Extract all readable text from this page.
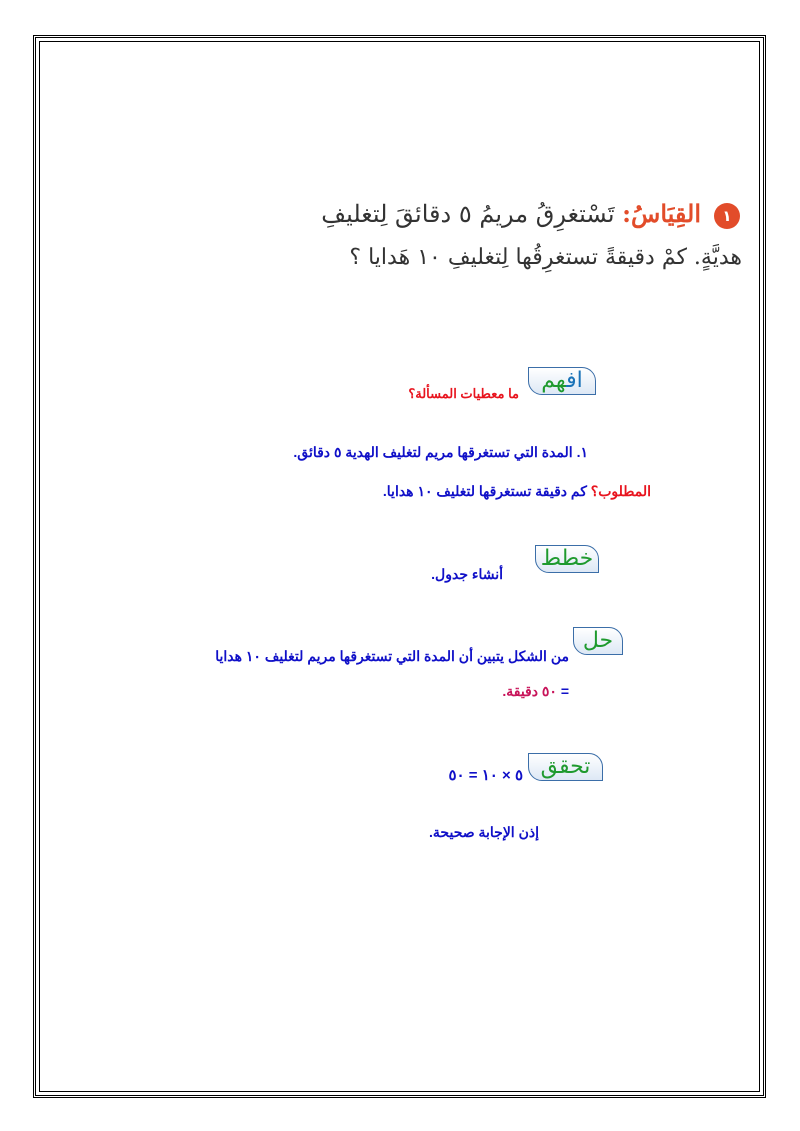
١
القِيَاسُ: تَسْتغرِقُ مريمُ ٥ دقائقَ لِتغليفِ
هديَّةٍ. كمْ دقيقةً تستغرِقُها لِتغليفِ ١٠ هَدايا ؟
افهم
ما معطيات المسألة؟
١. المدة التي تستغرقها مريم لتغليف الهدية ٥ دقائق.
المطلوب؟ كم دقيقة تستغرقها لتغليف ١٠ هدايا.
خطط
أنشاء جدول.
حل
من الشكل يتبين أن المدة التي تستغرقها مريم لتغليف ١٠ هدايا
= ٥٠ دقيقة.
تحقق
٥ × ١٠ = ٥٠
إذن الإجابة صحيحة.
